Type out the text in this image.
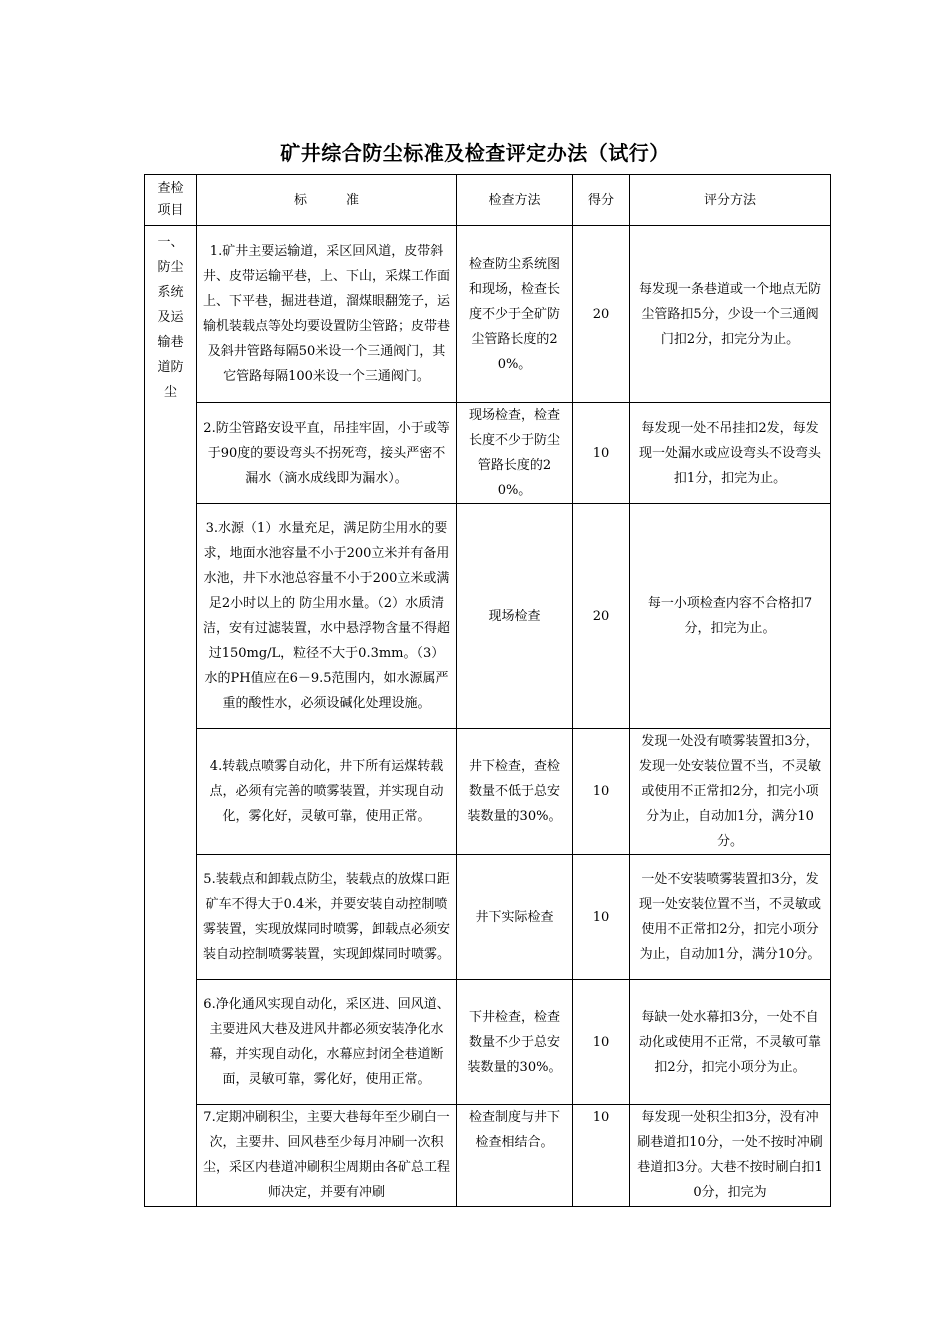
矿井综合防尘标准及检查评定办法（试行）
查检项目	标　　　准	检查方法	得分	评分方法

一、防尘系统及运输巷道防尘	1.矿井主要运输道，采区回风道，皮带斜井、皮带运输平巷，上、下山，采煤工作面上、下平巷，掘进巷道，溜煤眼翻笼子，运输机装载点等处均要设置防尘管路；皮带巷及斜井管路每隔50米设一个三通阀门，其它管路每隔100米设一个三通阀门。	检查防尘系统图和现场，检查长度不少于全矿防尘管路长度的20%。	20	每发现一条巷道或一个地点无防尘管路扣5分，少设一个三通阀门扣2分，扣完分为止。
	2.防尘管路安设平直，吊挂牢固，小于或等于90度的要设弯头不拐死弯，接头严密不漏水（滴水成线即为漏水）。	现场检查，检查长度不少于防尘管路长度的20%。	10	每发现一处不吊挂扣2发，每发现一处漏水或应设弯头不设弯头扣1分，扣完为止。
	3.水源（1）水量充足，满足防尘用水的要求，地面水池容量不小于200立米并有备用水池，井下水池总容量不小于200立米或满足2小时以上的 防尘用水量。（2）水质清洁，安有过滤装置，水中悬浮物含量不得超过150mg/L，粒径不大于0.3mm。（3）水的PH值应在6－9.5范围内，如水源属严重的酸性水，必须设碱化处理设施。	现场检查	20	每一小项检查内容不合格扣7分，扣完为止。
	4.转载点喷雾自动化，井下所有运煤转载点，必须有完善的喷雾装置，并实现自动化，雾化好，灵敏可靠，使用正常。	井下检查，查检数量不低于总安装数量的30%。	10	发现一处没有喷雾装置扣3分，发现一处安装位置不当，不灵敏或使用不正常扣2分，扣完小项分为止，自动加1分，满分10分。
	5.装载点和卸载点防尘，装载点的放煤口距矿车不得大于0.4米，并要安装自动控制喷雾装置，实现放煤同时喷雾，卸载点必须安装自动控制喷雾装置，实现卸煤同时喷雾。	井下实际检查	10	一处不安装喷雾装置扣3分，发现一处安装位置不当，不灵敏或使用不正常扣2分，扣完小项分为止，自动加1分，满分10分。
	6.净化通风实现自动化，采区进、回风道、主要进风大巷及进风井都必须安装净化水幕，并实现自动化，水幕应封闭全巷道断面，灵敏可靠，雾化好，使用正常。	下井检查，检查数量不少于总安装数量的30%。	10	每缺一处水幕扣3分，一处不自动化或使用不正常，不灵敏可靠扣2分，扣完小项分为止。
	7.定期冲刷积尘，主要大巷每年至少刷白一次，主要井、回风巷至少每月冲刷一次积尘，采区内巷道冲刷积尘周期由各矿总工程师决定，并要有冲刷	检查制度与井下检查相结合。	10	每发现一处积尘扣3分，没有冲刷巷道扣10分，一处不按时冲刷巷道扣3分。大巷不按时刷白扣10分，扣完为
